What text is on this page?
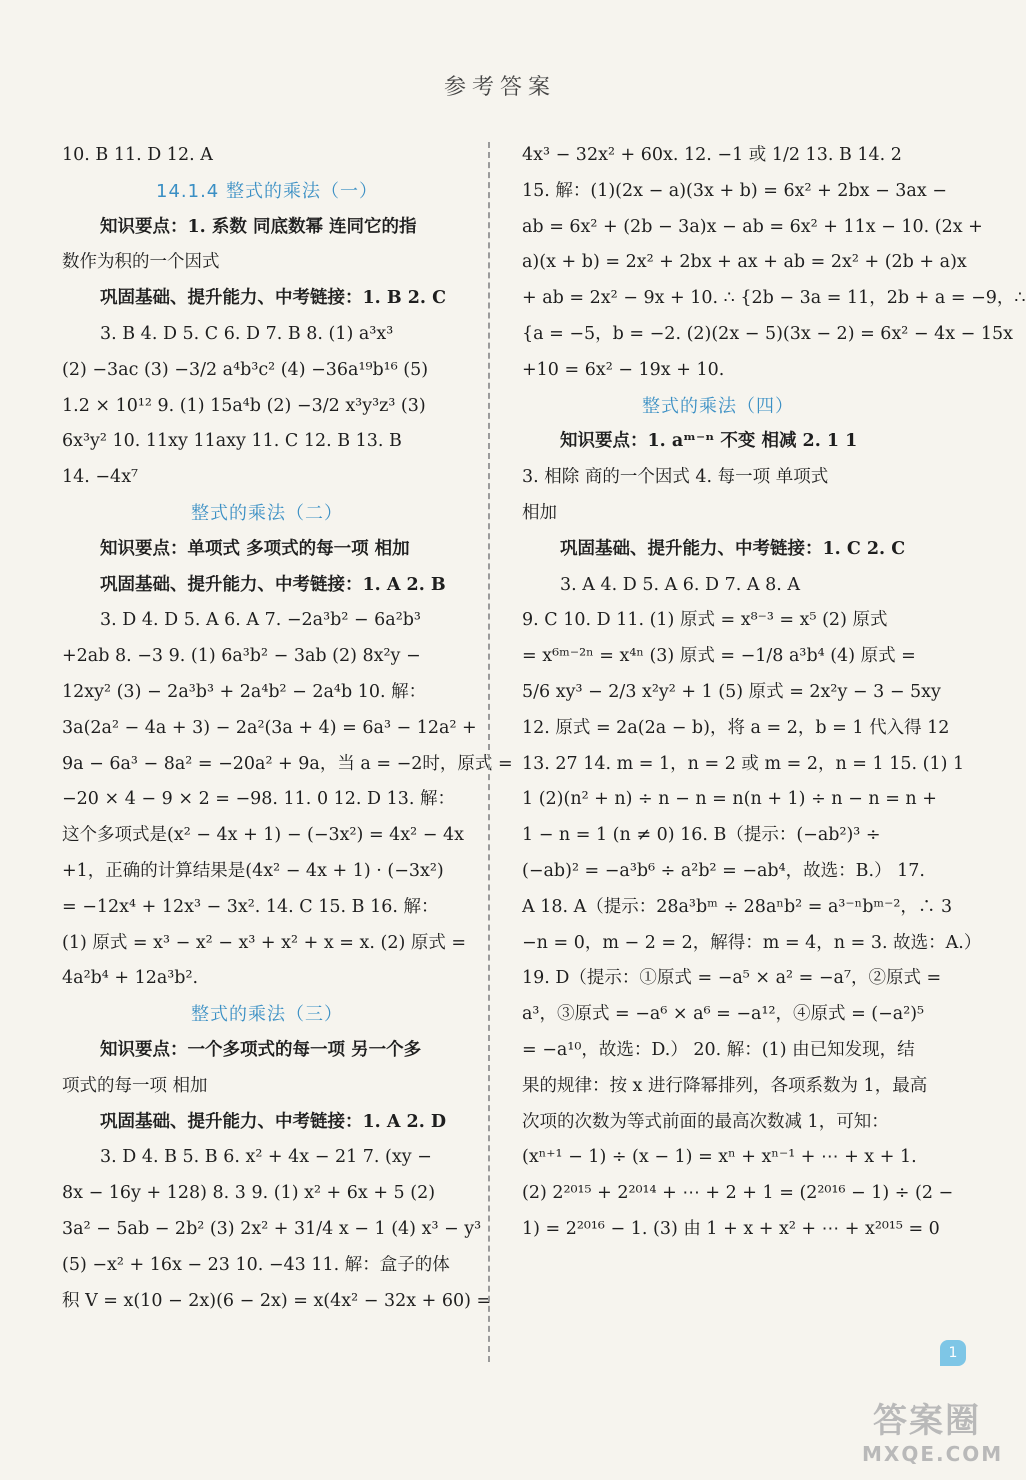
参考答案
10. B 11. D 12. A
14.1.4 整式的乘法（一）
知识要点：1. 系数 同底数幂 连同它的指
数作为积的一个因式
巩固基础、提升能力、中考链接：1. B 2. C
3. B 4. D 5. C 6. D 7. B 8. (1) a³x³
(2) −3ac (3) −3/2 a⁴b³c² (4) −36a¹⁹b¹⁶ (5)
1.2 × 10¹² 9. (1) 15a⁴b (2) −3/2 x³y³z³ (3)
6x³y² 10. 11xy 11axy 11. C 12. B 13. B
14. −4x⁷
整式的乘法（二）
知识要点：单项式 多项式的每一项 相加
巩固基础、提升能力、中考链接：1. A 2. B
3. D 4. D 5. A 6. A 7. −2a³b² − 6a²b³
+2ab 8. −3 9. (1) 6a³b² − 3ab (2) 8x²y −
12xy² (3) − 2a³b³ + 2a⁴b² − 2a⁴b 10. 解：
3a(2a² − 4a + 3) − 2a²(3a + 4) = 6a³ − 12a² +
9a − 6a³ − 8a² = −20a² + 9a，当 a = −2时，原式 =
−20 × 4 − 9 × 2 = −98. 11. 0 12. D 13. 解：
这个多项式是(x² − 4x + 1) − (−3x²) = 4x² − 4x
+1，正确的计算结果是(4x² − 4x + 1) · (−3x²)
= −12x⁴ + 12x³ − 3x². 14. C 15. B 16. 解：
(1) 原式 = x³ − x² − x³ + x² + x = x. (2) 原式 =
4a²b⁴ + 12a³b².
整式的乘法（三）
知识要点：一个多项式的每一项 另一个多
项式的每一项 相加
巩固基础、提升能力、中考链接：1. A 2. D
3. D 4. B 5. B 6. x² + 4x − 21 7. (xy −
8x − 16y + 128) 8. 3 9. (1) x² + 6x + 5 (2)
3a² − 5ab − 2b² (3) 2x² + 31/4 x − 1 (4) x³ − y³
(5) −x² + 16x − 23 10. −43 11. 解：盒子的体
积 V = x(10 − 2x)(6 − 2x) = x(4x² − 32x + 60) =
4x³ − 32x² + 60x. 12. −1 或 1/2 13. B 14. 2
15. 解：(1)(2x − a)(3x + b) = 6x² + 2bx − 3ax −
ab = 6x² + (2b − 3a)x − ab = 6x² + 11x − 10. (2x +
a)(x + b) = 2x² + 2bx + ax + ab = 2x² + (2b + a)x
+ ab = 2x² − 9x + 10. ∴ {2b − 3a = 11，2b + a = −9，∴
{a = −5，b = −2. (2)(2x − 5)(3x − 2) = 6x² − 4x − 15x
+10 = 6x² − 19x + 10.
整式的乘法（四）
知识要点：1. aᵐ⁻ⁿ 不变 相减 2. 1 1
3. 相除 商的一个因式 4. 每一项 单项式
相加
巩固基础、提升能力、中考链接：1. C 2. C
3. A 4. D 5. A 6. D 7. A 8. A
9. C 10. D 11. (1) 原式 = x⁸⁻³ = x⁵ (2) 原式
= x⁶ᵐ⁻²ⁿ = x⁴ⁿ (3) 原式 = −1/8 a³b⁴ (4) 原式 =
5/6 xy³ − 2/3 x²y² + 1 (5) 原式 = 2x²y − 3 − 5xy
12. 原式 = 2a(2a − b)，将 a = 2，b = 1 代入得 12
13. 27 14. m = 1，n = 2 或 m = 2，n = 1 15. (1) 1
1 (2)(n² + n) ÷ n − n = n(n + 1) ÷ n − n = n +
1 − n = 1 (n ≠ 0) 16. B（提示：(−ab²)³ ÷
(−ab)² = −a³b⁶ ÷ a²b² = −ab⁴，故选：B.） 17.
A 18. A（提示：28a³bᵐ ÷ 28aⁿb² = a³⁻ⁿbᵐ⁻²，∴ 3
−n = 0，m − 2 = 2，解得：m = 4，n = 3. 故选：A.）
19. D（提示：①原式 = −a⁵ × a² = −a⁷，②原式 =
a³，③原式 = −a⁶ × a⁶ = −a¹²，④原式 = (−a²)⁵
= −a¹⁰，故选：D.） 20. 解：(1) 由已知发现，结
果的规律：按 x 进行降幂排列，各项系数为 1，最高
次项的次数为等式前面的最高次数减 1，可知：
(xⁿ⁺¹ − 1) ÷ (x − 1) = xⁿ + xⁿ⁻¹ + ⋯ + x + 1.
(2) 2²⁰¹⁵ + 2²⁰¹⁴ + ⋯ + 2 + 1 = (2²⁰¹⁶ − 1) ÷ (2 −
1) = 2²⁰¹⁶ − 1. (3) 由 1 + x + x² + ⋯ + x²⁰¹⁵ = 0
1
答案圈
MXQE.COM
